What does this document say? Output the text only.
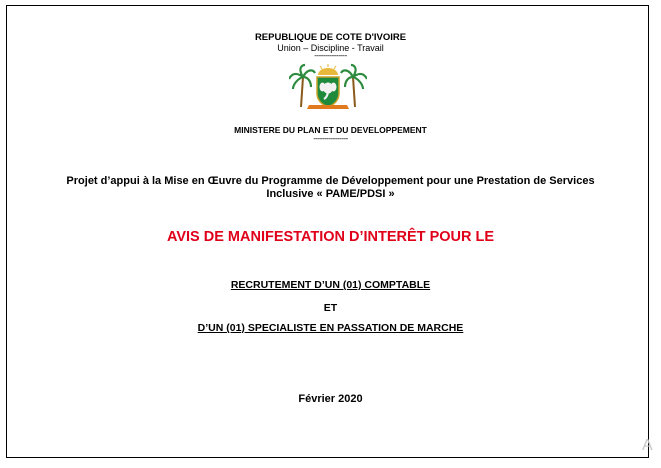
REPUBLIQUE DE COTE D'IVOIRE
Union – Discipline - Travail
---------------
MINISTERE DU PLAN ET DU DEVELOPPEMENT
----------------
Projet d’appui à la Mise en Œuvre du Programme de Développement pour une Prestation de Services
Inclusive « PAME/PDSI »
AVIS DE MANIFESTATION D’INTERÊT POUR LE
RECRUTEMENT D’UN (01) COMPTABLE
ET
D’UN (01) SPECIALISTE EN PASSATION DE MARCHE
Février 2020
A
